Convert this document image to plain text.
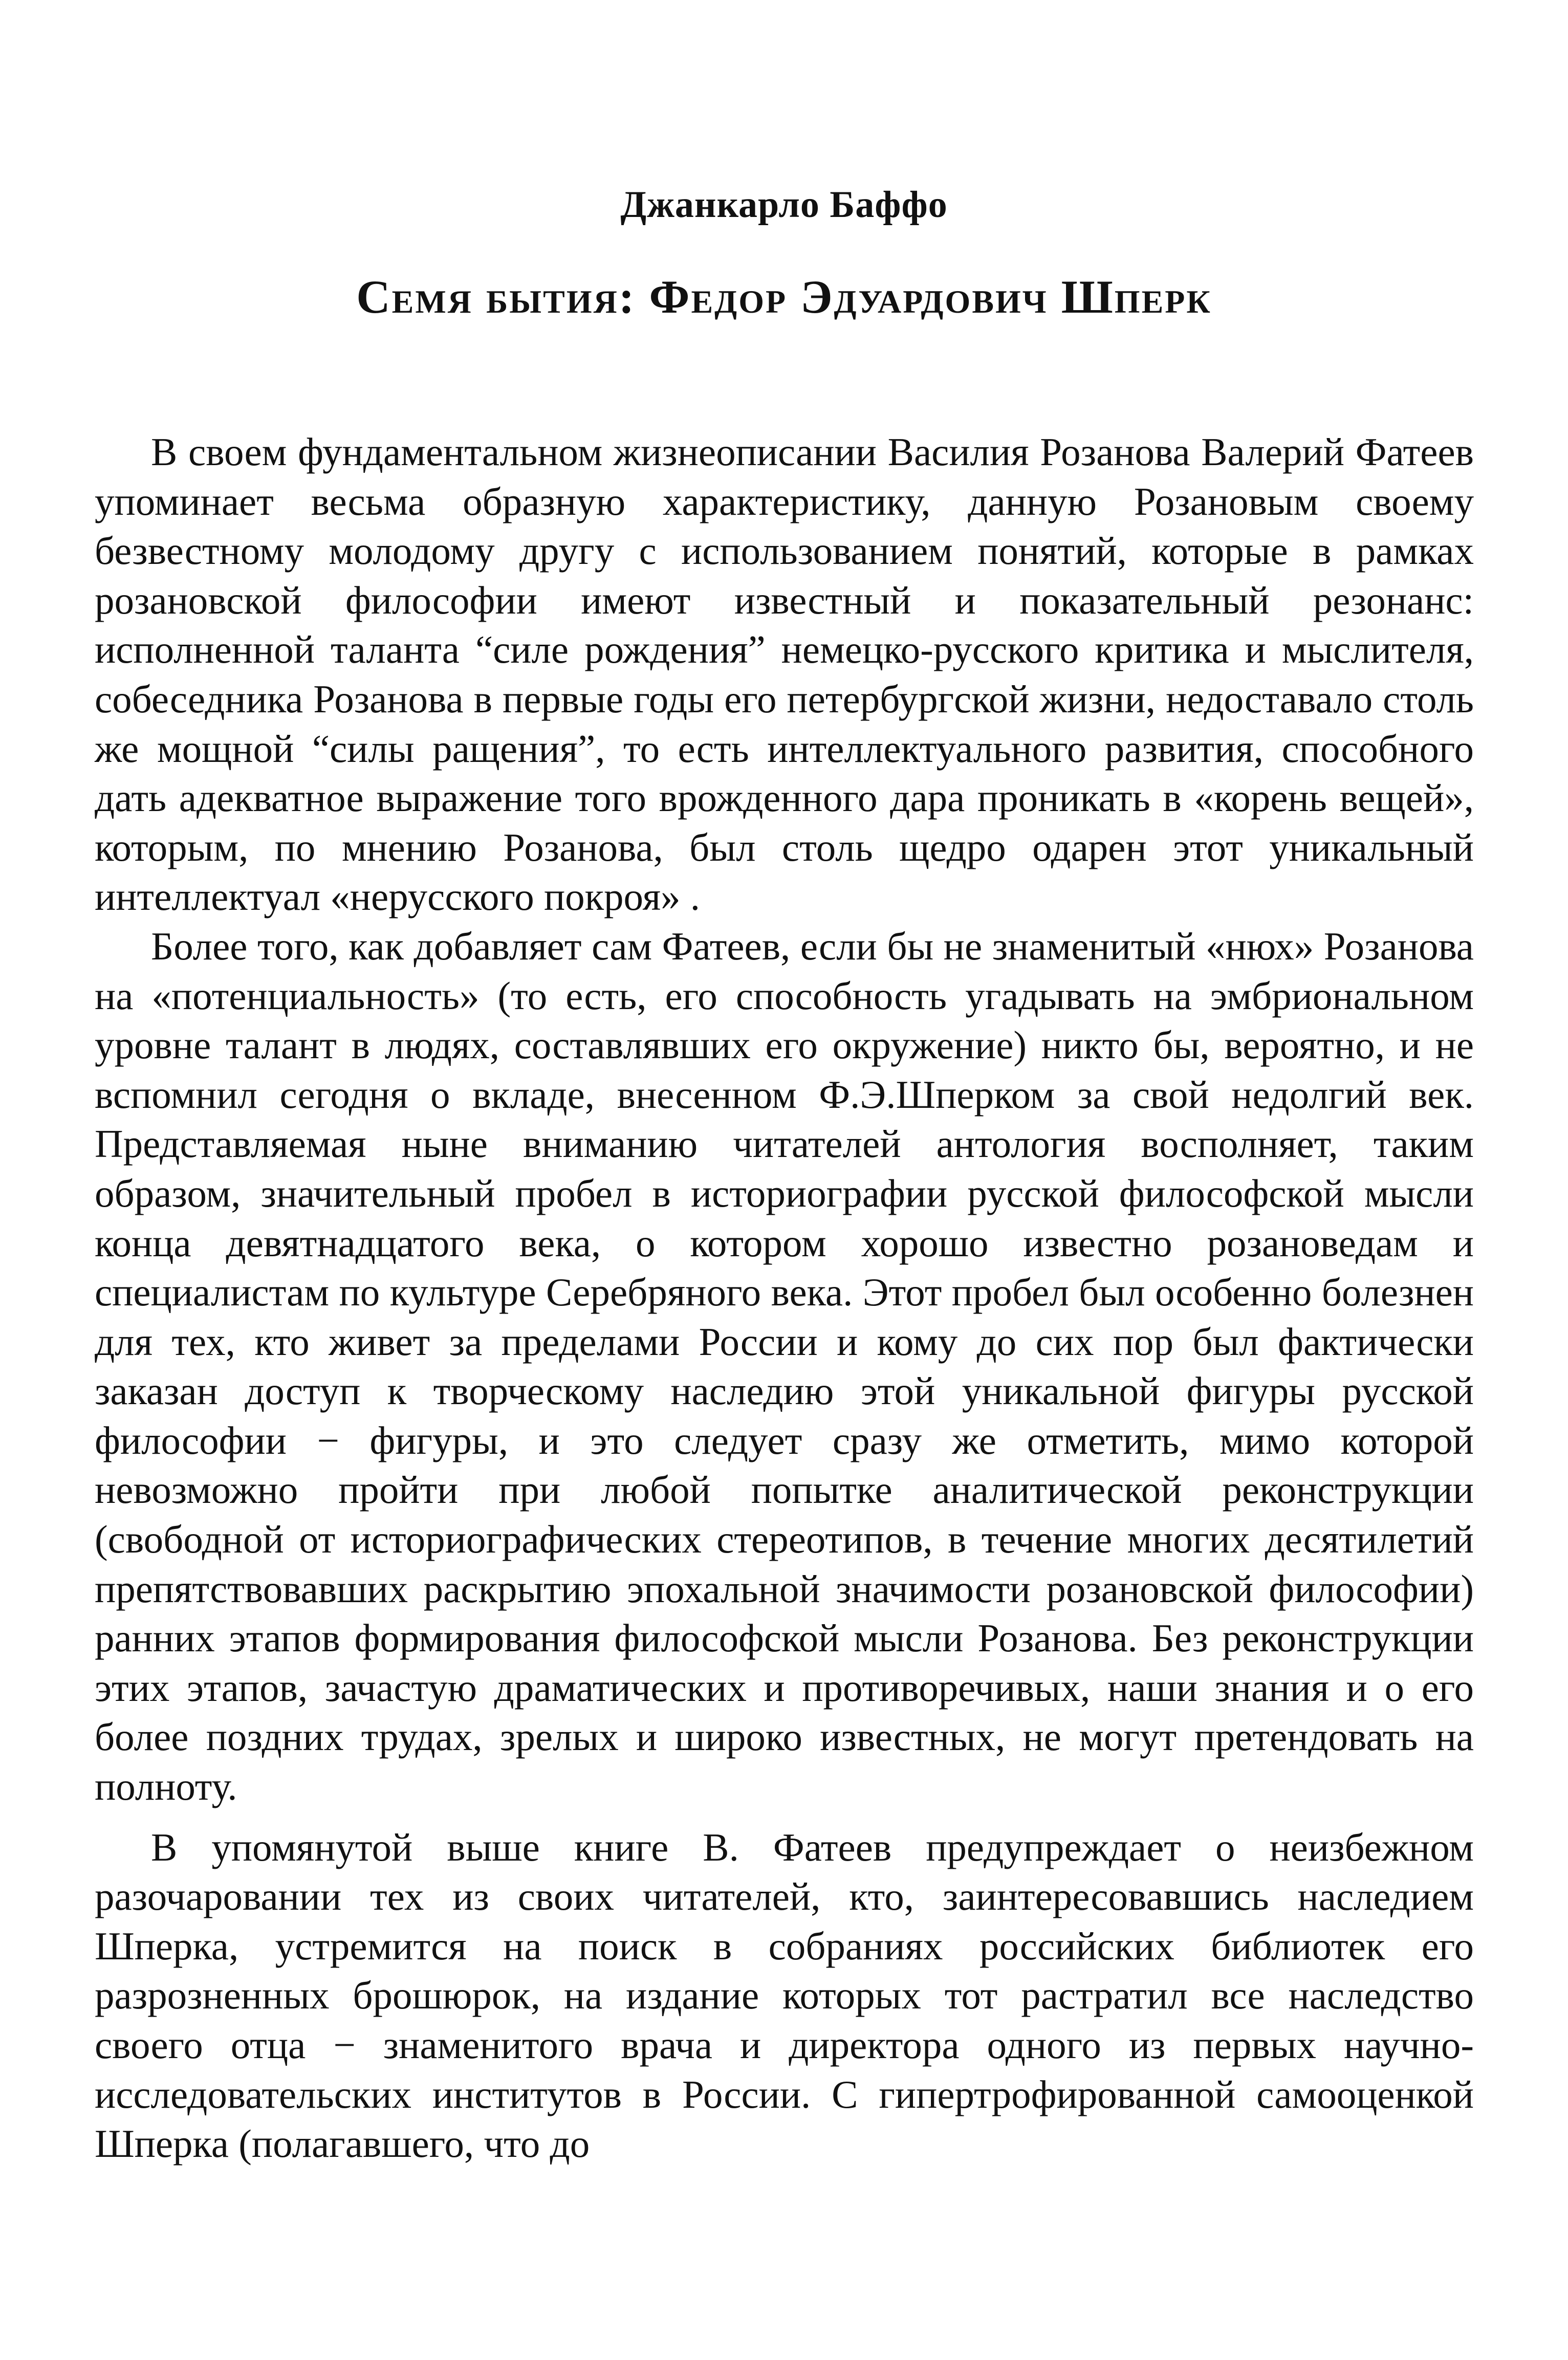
Джанкарло Баффо
Семя бытия: Федор Эдуардович Шперк

В своем фундаментальном жизнеописании Василия Розанова Валерий Фатеев упоминает весьма образную характеристику, данную Розановым своему безвестному молодому другу с использованием понятий, которые в рамках розановской философии имеют известный и показательный резонанс: исполненной таланта “силе рождения” немецко-русского критика и мыслителя, собеседника Розанова в первые годы его петербургской жизни, недоставало столь же мощной “силы ращения”, то есть интеллектуального развития, способного дать адекватное выражение того врожденного дара проникать в «корень вещей», которым, по мнению Розанова, был столь щедро одарен этот уникальный интеллектуал «нерусского покроя» .

Более того, как добавляет сам Фатеев, если бы не знаменитый «нюх» Розанова на «потенциальность» (то есть, его способность угадывать на эмбриональном уровне талант в людях, составлявших его окружение) никто бы, вероятно, и не вспомнил сегодня о вкладе, внесенном Ф.Э.Шперком за свой недолгий век. Представляемая ныне вниманию читателей антология восполняет, таким образом, значительный пробел в историографии русской философской мысли конца девятнадцатого века, о котором хорошо известно розановедам и специалистам по культуре Серебряного века. Этот пробел был особенно болезнен для тех, кто живет за пределами России и кому до сих пор был фактически заказан доступ к творческому наследию этой уникальной фигуры русской философии − фигуры, и это следует сразу же отметить, мимо которой невозможно пройти при любой попытке аналитической реконструкции (свободной от историографических стереотипов, в течение многих десятилетий препятствовавших раскрытию эпохальной значимости розановской философии) ранних этапов формирования философской мысли Розанова. Без реконструкции этих этапов, зачастую драматических и противоречивых, наши знания и о его более поздних трудах, зрелых и широко известных, не могут претендовать на полноту.

В упомянутой выше книге В. Фатеев предупреждает о неизбежном разочаровании тех из своих читателей, кто, заинтересовавшись наследием Шперка, устремится на поиск в собраниях российских библиотек его разрозненных брошюрок, на издание которых тот растратил все наследство своего отца − знаменитого врача и директора одного из первых научно-исследовательских институтов в России. С гипертрофированной самооценкой Шперка (полагавшего, что до
